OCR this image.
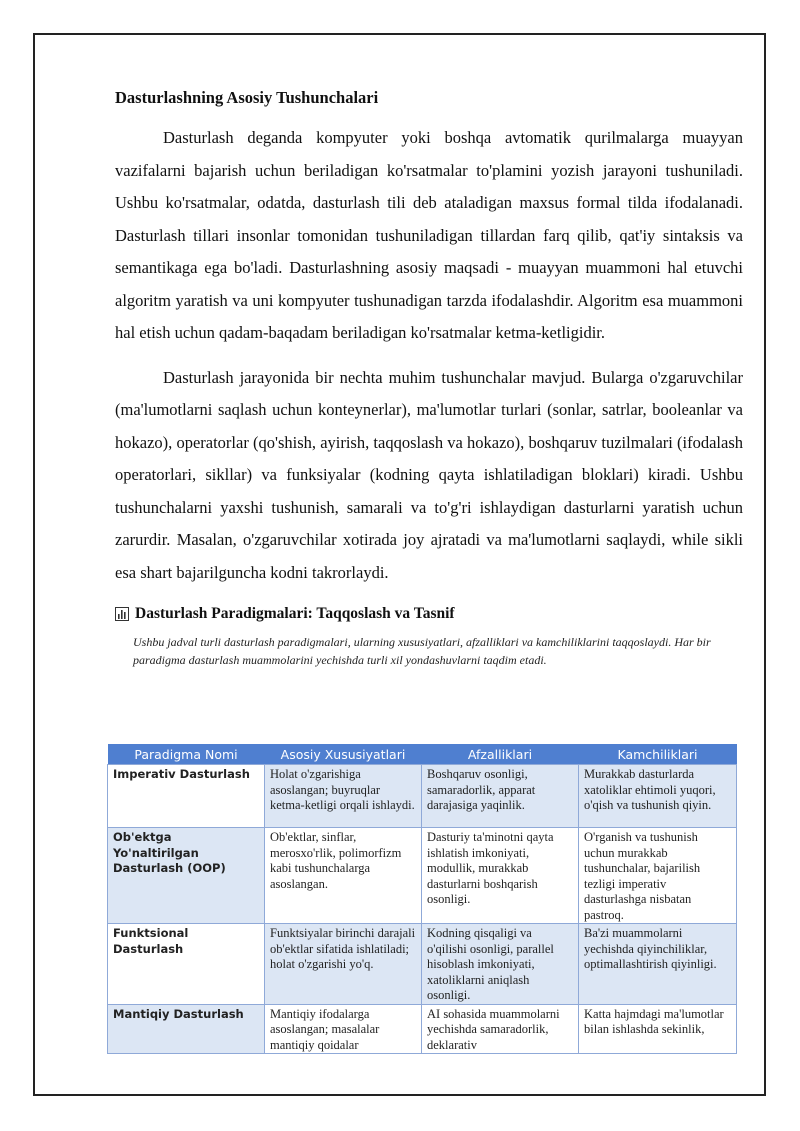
Dasturlashning Asosiy Tushunchalari

Dasturlash deganda kompyuter yoki boshqa avtomatik qurilmalarga muayyan vazifalarni bajarish uchun beriladigan ko'rsatmalar to'plamini yozish jarayoni tushuniladi. Ushbu ko'rsatmalar, odatda, dasturlash tili deb ataladigan maxsus formal tilda ifodalanadi. Dasturlash tillari insonlar tomonidan tushuniladigan tillardan farq qilib, qat'iy sintaksis va semantikaga ega bo'ladi. Dasturlashning asosiy maqsadi - muayyan muammoni hal etuvchi algoritm yaratish va uni kompyuter tushunadigan tarzda ifodalashdir. Algoritm esa muammoni hal etish uchun qadam-baqadam beriladigan ko'rsatmalar ketma-ketligidir.

Dasturlash jarayonida bir nechta muhim tushunchalar mavjud. Bularga o'zgaruvchilar (ma'lumotlarni saqlash uchun konteynerlar), ma'lumotlar turlari (sonlar, satrlar, booleanlar va hokazo), operatorlar (qo'shish, ayirish, taqqoslash va hokazo), boshqaruv tuzilmalari (ifodalash operatorlari, sikllar) va funksiyalar (kodning qayta ishlatiladigan bloklari) kiradi. Ushbu tushunchalarni yaxshi tushunish, samarali va to'g'ri ishlaydigan dasturlarni yaratish uchun zarurdir. Masalan, o'zgaruvchilar xotirada joy ajratadi va ma'lumotlarni saqlaydi, while sikli esa shart bajarilguncha kodni takrorlaydi.

Dasturlash Paradigmalari: Taqqoslash va Tasnif
Ushbu jadval turli dasturlash paradigmalari, ularning xususiyatlari, afzalliklari va kamchiliklarini taqqoslaydi. Har bir paradigma dasturlash muammolarini yechishda turli xil yondashuvlarni taqdim etadi.
Paradigma Nomi	Asosiy Xususiyatlari	Afzalliklari	Kamchiliklari
Imperativ Dasturlash	Holat o'zgarishiga asoslangan; buyruqlar ketma-ketligi orqali ishlaydi.	Boshqaruv osonligi, samaradorlik, apparat darajasiga yaqinlik.	Murakkab dasturlarda xatoliklar ehtimoli yuqori, o'qish va tushunish qiyin.
Ob'ektga Yo'naltirilgan Dasturlash (OOP)	Ob'ektlar, sinflar, merosxo'rlik, polimorfizm kabi tushunchalarga asoslangan.	Dasturiy ta'minotni qayta ishlatish imkoniyati, modullik, murakkab dasturlarni boshqarish osonligi.	O'rganish va tushunish uchun murakkab tushunchalar, bajarilish tezligi imperativ dasturlashga nisbatan pastroq.
Funktsional Dasturlash	Funktsiyalar birinchi darajali ob'ektlar sifatida ishlatiladi; holat o'zgarishi yo'q.	Kodning qisqaligi va o'qilishi osonligi, parallel hisoblash imkoniyati, xatoliklarni aniqlash osonligi.	Ba'zi muammolarni yechishda qiyinchiliklar, optimallashtirish qiyinligi.
Mantiqiy Dasturlash	Mantiqiy ifodalarga asoslangan; masalalar mantiqiy qoidalar	AI sohasida muammolarni yechishda samaradorlik, deklarativ	Katta hajmdagi ma'lumotlar bilan ishlashda sekinlik,
